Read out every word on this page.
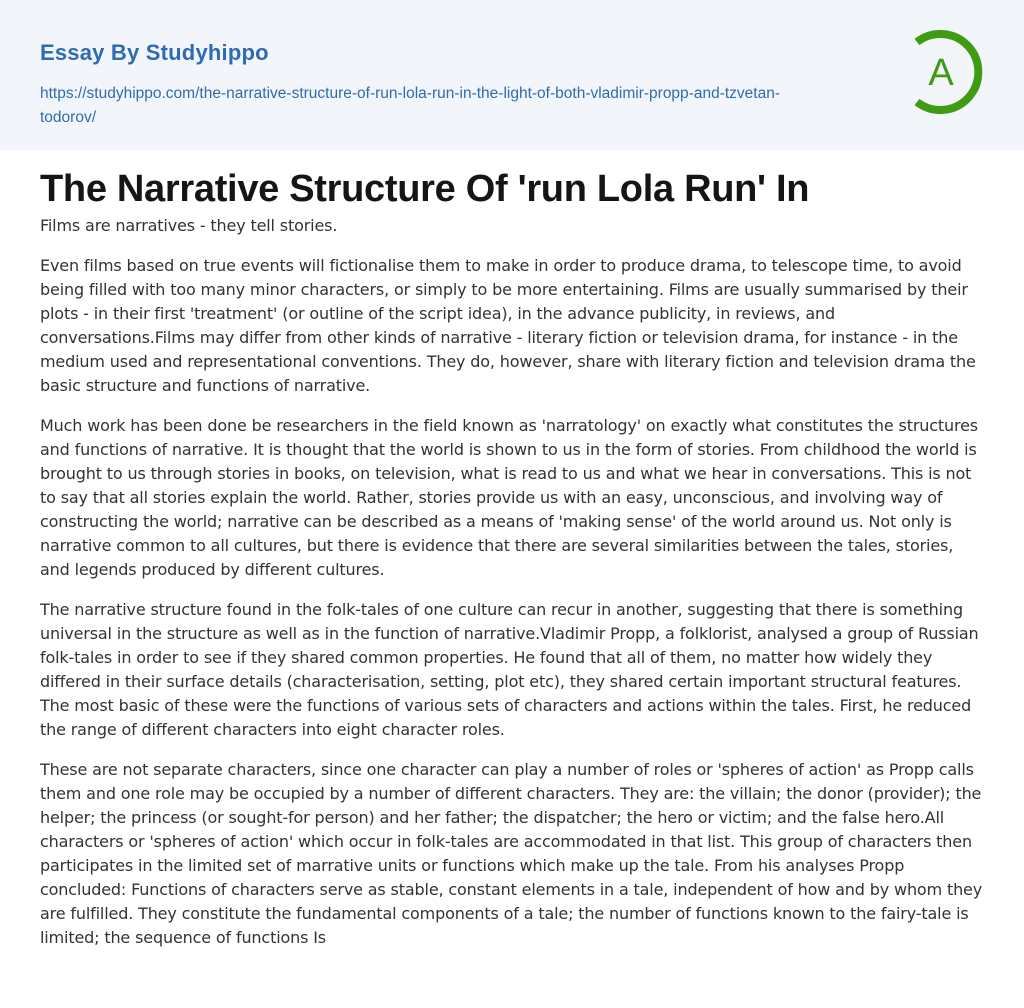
Essay By Studyhippo
https://studyhippo.com/the-narrative-structure-of-run-lola-run-in-the-light-of-both-vladimir-propp-and-tzvetan-todorov/
A
The Narrative Structure Of 'run Lola Run' In

Films are narratives - they tell stories.

Even films based on true events will fictionalise them to make in order to produce drama, to telescope time, to avoid being filled with too many minor characters, or simply to be more entertaining. Films are usually summarised by their plots - in their first 'treatment' (or outline of the script idea), in the advance publicity, in reviews, and conversations.Films may differ from other kinds of narrative - literary fiction or television drama, for instance - in the medium used and representational conventions. They do, however, share with literary fiction and television drama the basic structure and functions of narrative.

Much work has been done be researchers in the field known as 'narratology' on exactly what constitutes the structures and functions of narrative. It is thought that the world is shown to us in the form of stories. From childhood the world is brought to us through stories in books, on television, what is read to us and what we hear in conversations. This is not to say that all stories explain the world. Rather, stories provide us with an easy, unconscious, and involving way of constructing the world; narrative can be described as a means of 'making sense' of the world around us. Not only is narrative common to all cultures, but there is evidence that there are several similarities between the tales, stories, and legends produced by different cultures.

The narrative structure found in the folk-tales of one culture can recur in another, suggesting that there is something universal in the structure as well as in the function of narrative.Vladimir Propp, a folklorist, analysed a group of Russian folk-tales in order to see if they shared common properties. He found that all of them, no matter how widely they differed in their surface details (characterisation, setting, plot etc), they shared certain important structural features. The most basic of these were the functions of various sets of characters and actions within the tales. First, he reduced the range of different characters into eight character roles.

These are not separate characters, since one character can play a number of roles or 'spheres of action' as Propp calls them and one role may be occupied by a number of different characters. They are: the villain; the donor (provider); the helper; the princess (or sought-for person) and her father; the dispatcher; the hero or victim; and the false hero.All characters or 'spheres of action' which occur in folk-tales are accommodated in that list. This group of characters then participates in the limited set of marrative units or functions which make up the tale. From his analyses Propp concluded: Functions of characters serve as stable, constant elements in a tale, independent of how and by whom they are fulfilled. They constitute the fundamental components of a tale; the number of functions known to the fairy-tale is limited; the sequence of functions Is
